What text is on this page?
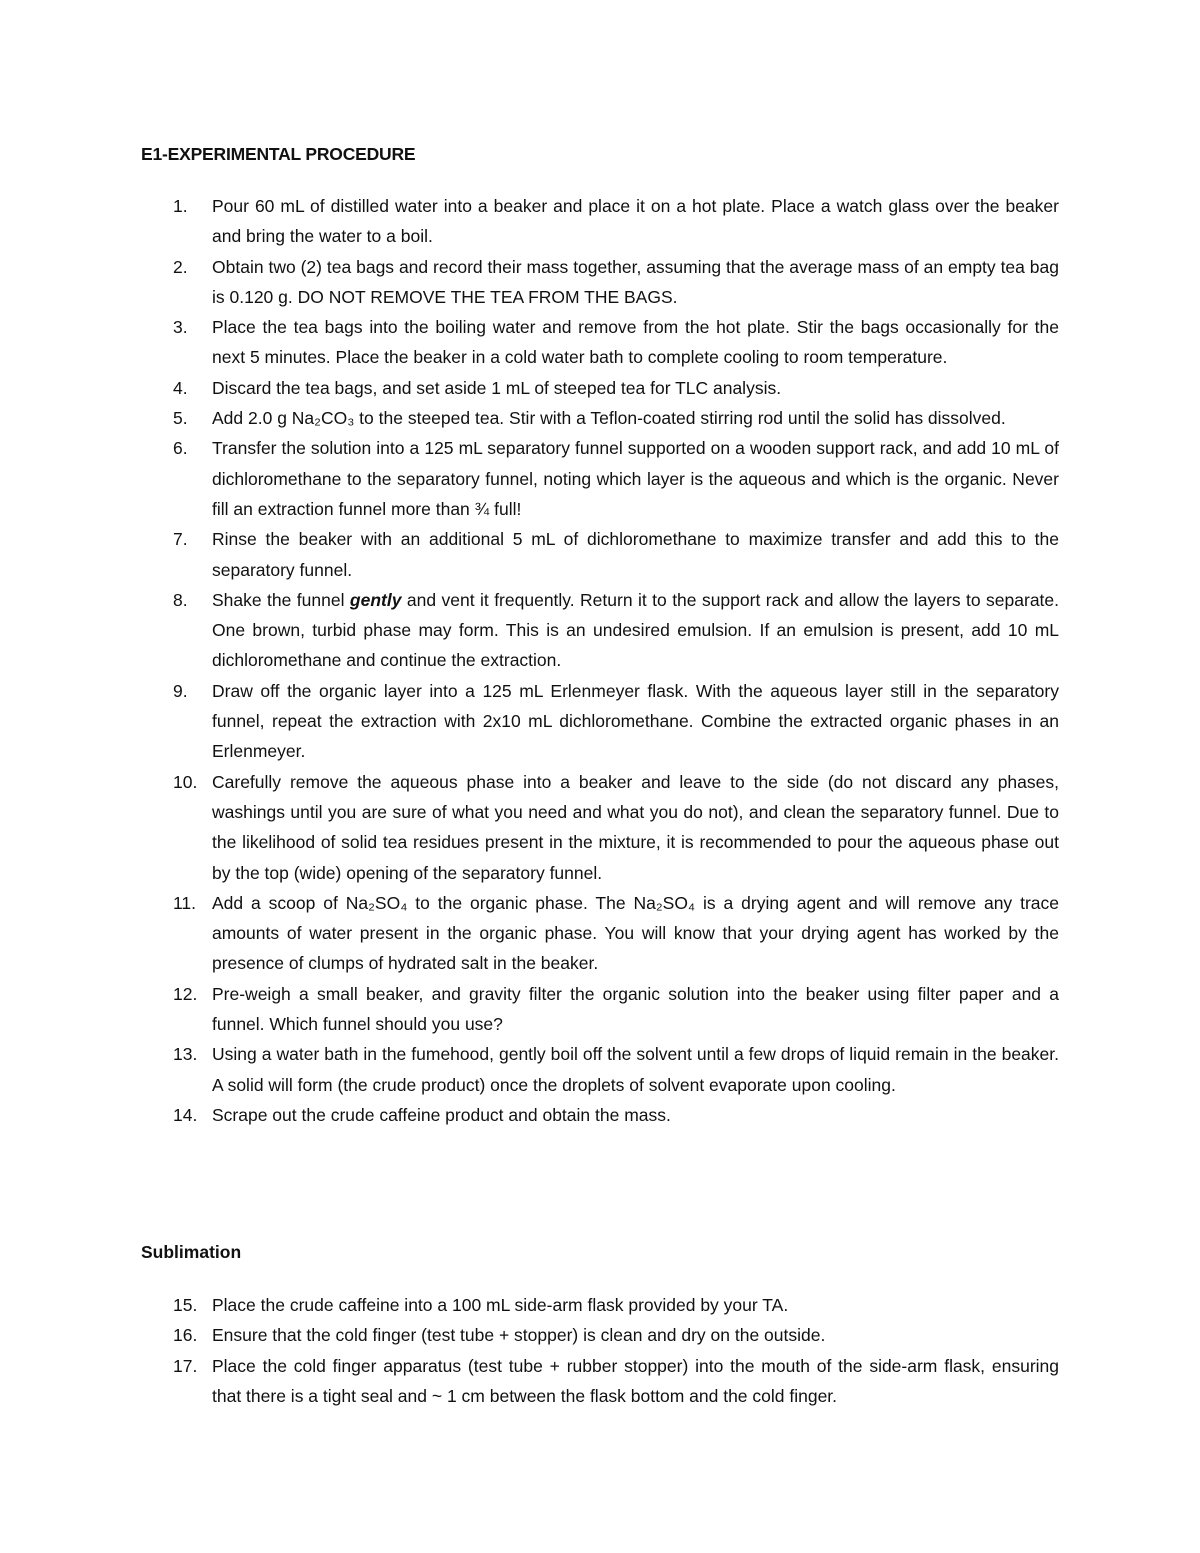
E1-EXPERIMENTAL PROCEDURE
1.	Pour 60 mL of distilled water into a beaker and place it on a hot plate. Place a watch glass over the beaker and bring the water to a boil.
2.	Obtain two (2) tea bags and record their mass together, assuming that the average mass of an empty tea bag is 0.120 g. DO NOT REMOVE THE TEA FROM THE BAGS.
3.	Place the tea bags into the boiling water and remove from the hot plate. Stir the bags occasionally for the next 5 minutes. Place the beaker in a cold water bath to complete cooling to room temperature.
4.	Discard the tea bags, and set aside 1 mL of steeped tea for TLC analysis.
5.	Add 2.0 g Na₂CO₃ to the steeped tea. Stir with a Teflon-coated stirring rod until the solid has dissolved.
6.	Transfer the solution into a 125 mL separatory funnel supported on a wooden support rack, and add 10 mL of dichloromethane to the separatory funnel, noting which layer is the aqueous and which is the organic. Never fill an extraction funnel more than ¾ full!
7.	Rinse the beaker with an additional 5 mL of dichloromethane to maximize transfer and add this to the separatory funnel.
8.	Shake the funnel gently and vent it frequently. Return it to the support rack and allow the layers to separate. One brown, turbid phase may form. This is an undesired emulsion. If an emulsion is present, add 10 mL dichloromethane and continue the extraction.
9.	Draw off the organic layer into a 125 mL Erlenmeyer flask. With the aqueous layer still in the separatory funnel, repeat the extraction with 2x10 mL dichloromethane. Combine the extracted organic phases in an Erlenmeyer.
10. Carefully remove the aqueous phase into a beaker and leave to the side (do not discard any phases, washings until you are sure of what you need and what you do not), and clean the separatory funnel. Due to the likelihood of solid tea residues present in the mixture, it is recommended to pour the aqueous phase out by the top (wide) opening of the separatory funnel.
11. Add a scoop of Na₂SO₄ to the organic phase. The Na₂SO₄ is a drying agent and will remove any trace amounts of water present in the organic phase. You will know that your drying agent has worked by the presence of clumps of hydrated salt in the beaker.
12. Pre-weigh a small beaker, and gravity filter the organic solution into the beaker using filter paper and a funnel. Which funnel should you use?
13. Using a water bath in the fumehood, gently boil off the solvent until a few drops of liquid remain in the beaker. A solid will form (the crude product) once the droplets of solvent evaporate upon cooling.
14. Scrape out the crude caffeine product and obtain the mass.
Sublimation
15. Place the crude caffeine into a 100 mL side-arm flask provided by your TA.
16. Ensure that the cold finger (test tube + stopper) is clean and dry on the outside.
17. Place the cold finger apparatus (test tube + rubber stopper) into the mouth of the side-arm flask, ensuring that there is a tight seal and ~ 1 cm between the flask bottom and the cold finger.
